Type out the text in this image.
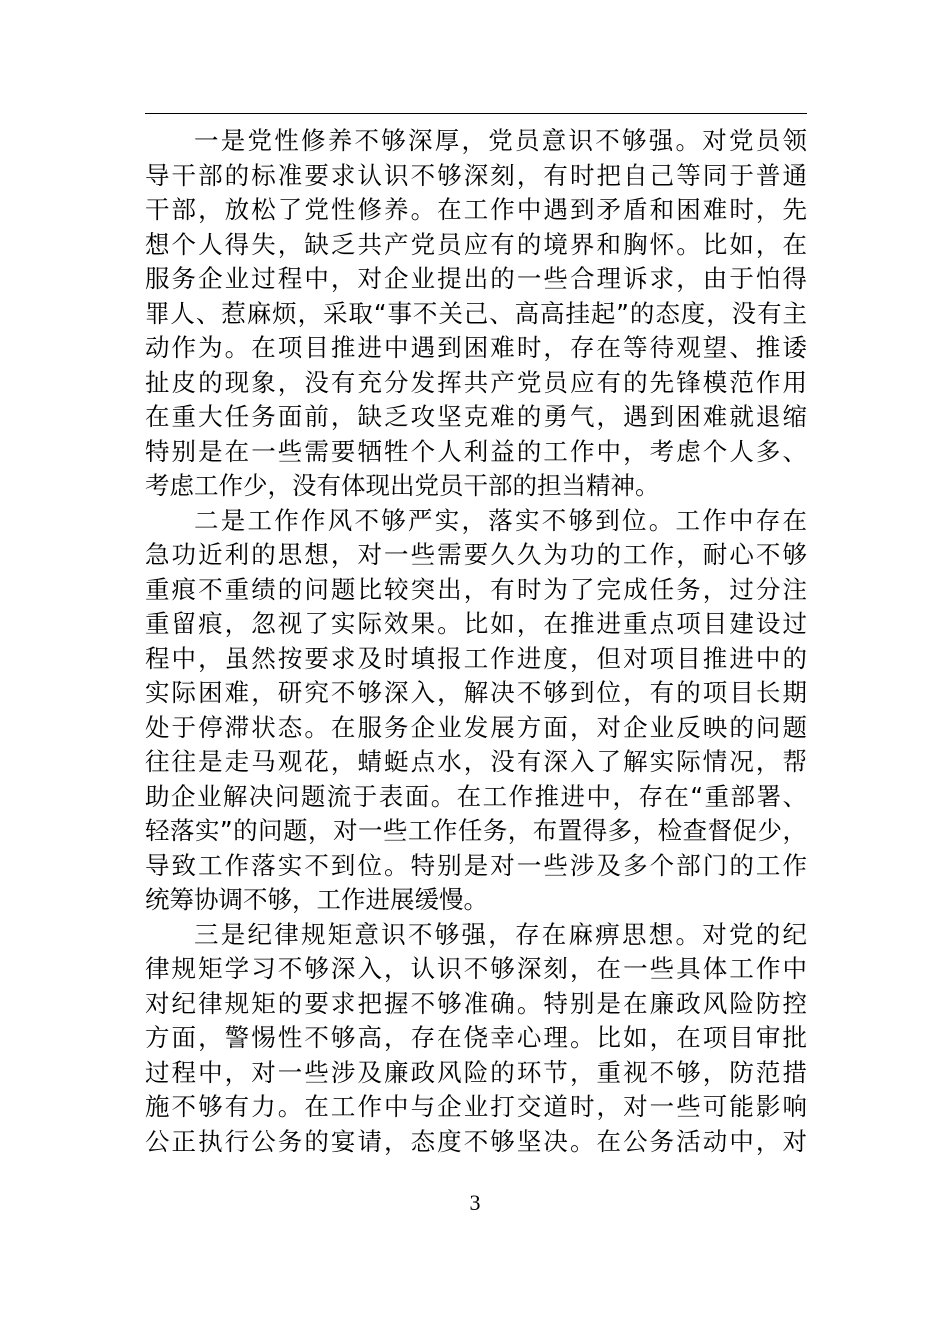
一是党性修养不够深厚，党员意识不够强。对党员领
导干部的标准要求认识不够深刻，有时把自己等同于普通
干部，放松了党性修养。在工作中遇到矛盾和困难时，先
想个人得失，缺乏共产党员应有的境界和胸怀。比如，在
服务企业过程中，对企业提出的一些合理诉求，由于怕得
罪人、惹麻烦，采取“事不关己、高高挂起”的态度，没有主
动作为。在项目推进中遇到困难时，存在等待观望、推诿
扯皮的现象，没有充分发挥共产党员应有的先锋模范作用
在重大任务面前，缺乏攻坚克难的勇气，遇到困难就退缩
特别是在一些需要牺牲个人利益的工作中，考虑个人多、
考虑工作少，没有体现出党员干部的担当精神。
二是工作作风不够严实，落实不够到位。工作中存在
急功近利的思想，对一些需要久久为功的工作，耐心不够
重痕不重绩的问题比较突出，有时为了完成任务，过分注
重留痕，忽视了实际效果。比如，在推进重点项目建设过
程中，虽然按要求及时填报工作进度，但对项目推进中的
实际困难，研究不够深入，解决不够到位，有的项目长期
处于停滞状态。在服务企业发展方面，对企业反映的问题
往往是走马观花，蜻蜓点水，没有深入了解实际情况，帮
助企业解决问题流于表面。在工作推进中，存在“重部署、
轻落实”的问题，对一些工作任务，布置得多，检查督促少，
导致工作落实不到位。特别是对一些涉及多个部门的工作
统筹协调不够，工作进展缓慢。
三是纪律规矩意识不够强，存在麻痹思想。对党的纪
律规矩学习不够深入，认识不够深刻，在一些具体工作中
对纪律规矩的要求把握不够准确。特别是在廉政风险防控
方面，警惕性不够高，存在侥幸心理。比如，在项目审批
过程中，对一些涉及廉政风险的环节，重视不够，防范措
施不够有力。在工作中与企业打交道时，对一些可能影响
公正执行公务的宴请，态度不够坚决。在公务活动中，对
3
